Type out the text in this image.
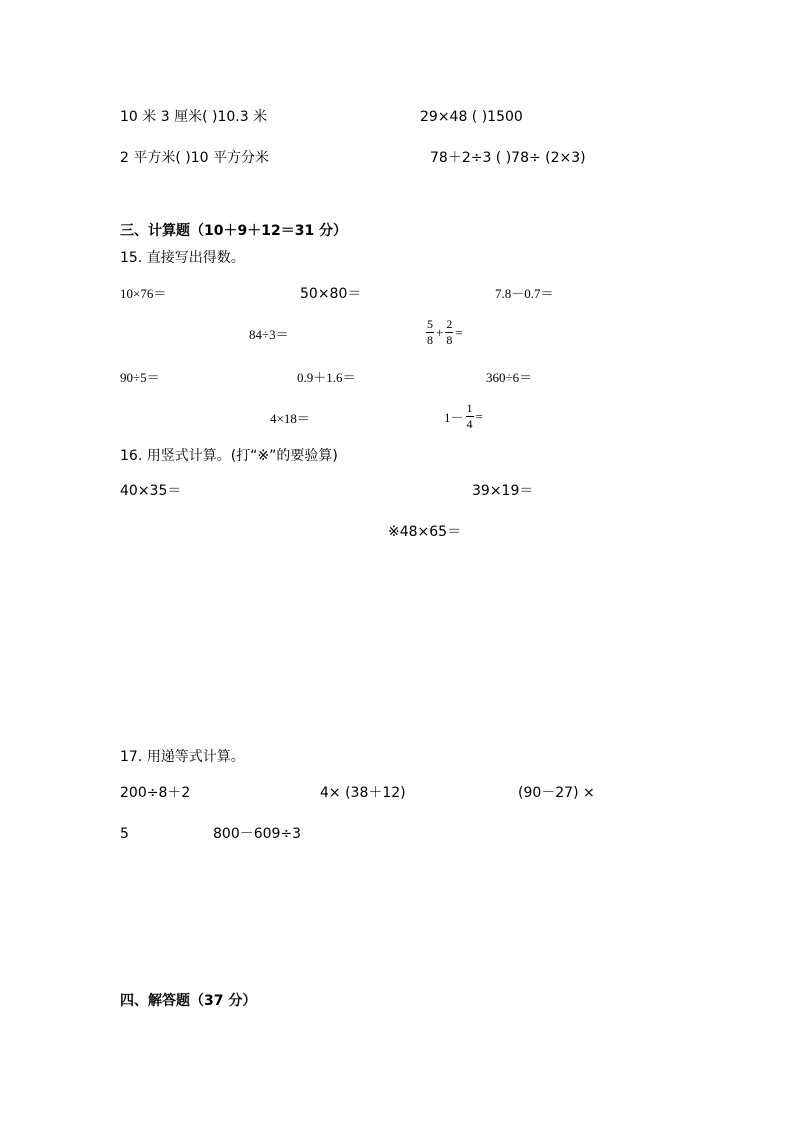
10 米 3 厘米( )10.3 米	29×48 ( )1500
2 平方米( )10 平方分米	78＋2÷3 ( )78÷ (2×3)
三、计算题（10＋9＋12＝31 分）
15. 直接写出得数。
10×76＝	50×80＝	7.8－0.7＝
84÷3＝	$\frac{5}{8} + \frac{2}{8}$ =
90÷5＝	0.9＋1.6＝	360÷6＝
4×18＝	$1- \frac{1}{4}$ =
16. 用竖式计算。(打“※”的要验算)
40×35＝	39×19＝
※48×65＝
17. 用递等式计算。
200÷8＋2	4× (38＋12)	(90－27) ×
5	800－609÷3
四、解答题（37 分）
